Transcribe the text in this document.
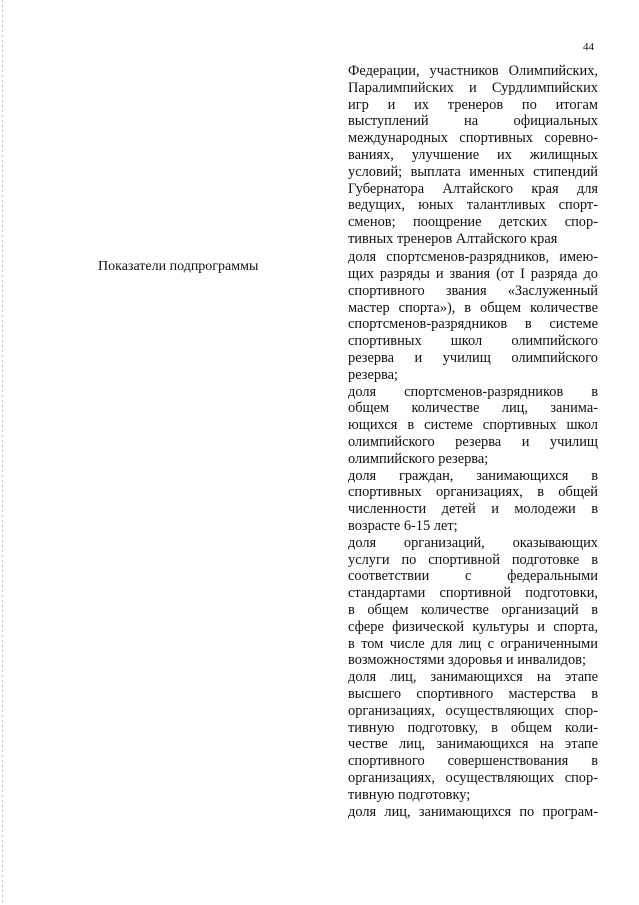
44
Показатели подпрограммы
Федерации, участников Олимпийских,
Паралимпийских и Сурдлимпийских
игр и их тренеров по итогам
выступлений на официальных
международных спортивных соревно-
ваниях, улучшение их жилищных
условий; выплата именных стипендий
Губернатора Алтайского края для
ведущих, юных талантливых спорт-
сменов; поощрение детских спор-
тивных тренеров Алтайского края
доля спортсменов-разрядников, имею-
щих разряды и звания (от I разряда до
спортивного звания «Заслуженный
мастер спорта»), в общем количестве
спортсменов-разрядников в системе
спортивных школ олимпийского
резерва и училищ олимпийского
резерва;
доля спортсменов-разрядников в
общем количестве лиц, занима-
ющихся в системе спортивных школ
олимпийского резерва и училищ
олимпийского резерва;
доля граждан, занимающихся в
спортивных организациях, в общей
численности детей и молодежи в
возрасте 6-15 лет;
доля организаций, оказывающих
услуги по спортивной подготовке в
соответствии с федеральными
стандартами спортивной подготовки,
в общем количестве организаций в
сфере физической культуры и спорта,
в том числе для лиц с ограниченными
возможностями здоровья и инвалидов;
доля лиц, занимающихся на этапе
высшего спортивного мастерства в
организациях, осуществляющих спор-
тивную подготовку, в общем коли-
честве лиц, занимающихся на этапе
спортивного совершенствования в
организациях, осуществляющих спор-
тивную подготовку;
доля лиц, занимающихся по програм-
